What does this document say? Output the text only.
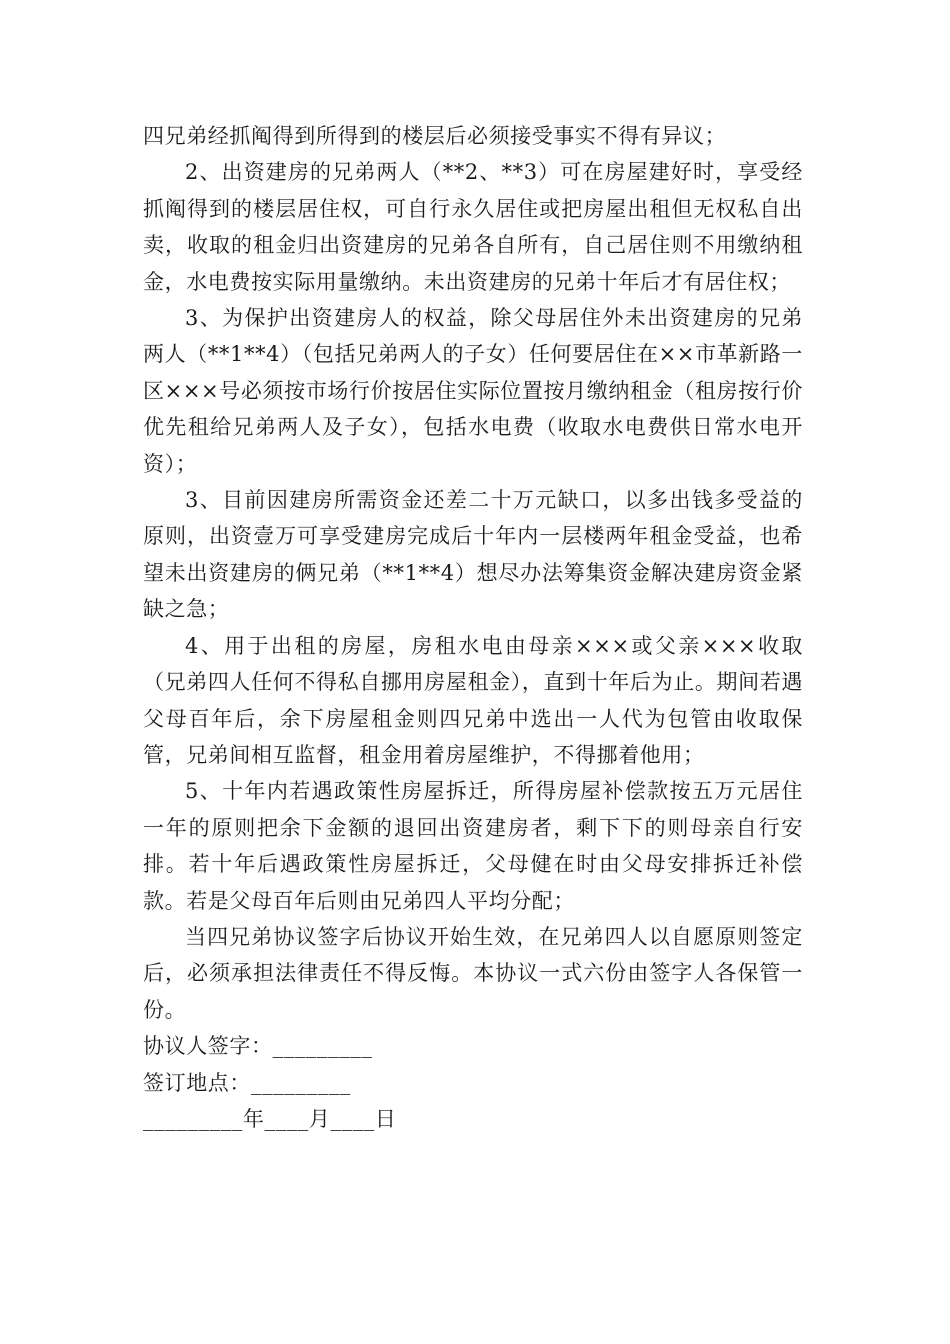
四兄弟经抓阄得到所得到的楼层后必须接受事实不得有异议；

2、出资建房的兄弟两人（**2、**3）可在房屋建好时，享受经抓阄得到的楼层居住权，可自行永久居住或把房屋出租但无权私自出卖，收取的租金归出资建房的兄弟各自所有，自己居住则不用缴纳租金，水电费按实际用量缴纳。未出资建房的兄弟十年后才有居住权；

3、为保护出资建房人的权益，除父母居住外未出资建房的兄弟两人（**1**4）（包括兄弟两人的子女）任何要居住在××市革新路一区×××号必须按市场行价按居住实际位置按月缴纳租金（租房按行价优先租给兄弟两人及子女），包括水电费（收取水电费供日常水电开资）；

3、目前因建房所需资金还差二十万元缺口，以多出钱多受益的原则，出资壹万可享受建房完成后十年内一层楼两年租金受益，也希望未出资建房的俩兄弟（**1**4）想尽办法筹集资金解决建房资金紧缺之急；

4、用于出租的房屋，房租水电由母亲×××或父亲×××收取（兄弟四人任何不得私自挪用房屋租金），直到十年后为止。期间若遇父母百年后，余下房屋租金则四兄弟中选出一人代为包管由收取保管，兄弟间相互监督，租金用着房屋维护，不得挪着他用；

5、十年内若遇政策性房屋拆迁，所得房屋补偿款按五万元居住一年的原则把余下金额的退回出资建房者，剩下下的则母亲自行安排。若十年后遇政策性房屋拆迁，父母健在时由父母安排拆迁补偿款。若是父母百年后则由兄弟四人平均分配；

当四兄弟协议签字后协议开始生效，在兄弟四人以自愿原则签定后，必须承担法律责任不得反悔。本协议一式六份由签字人各保管一份。

协议人签字：_________

签订地点：_________

_________年____月____日
